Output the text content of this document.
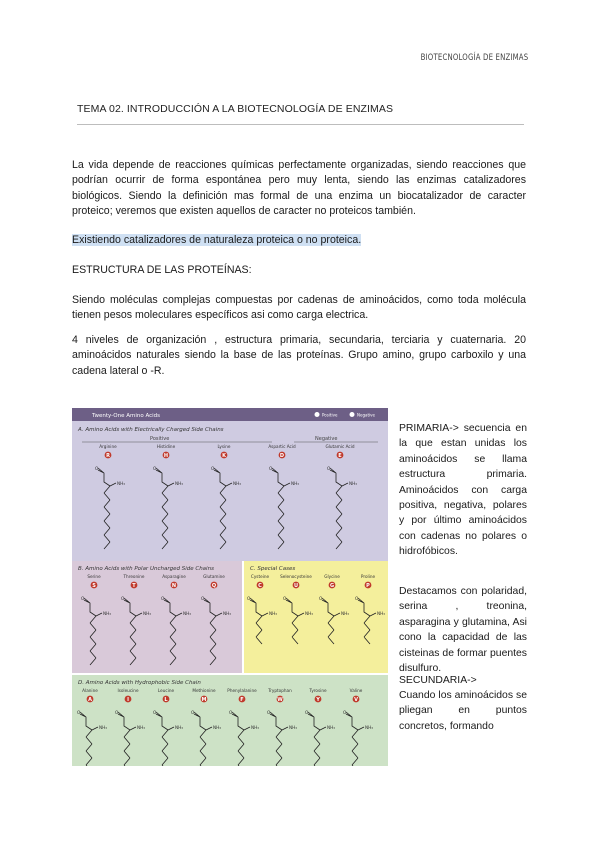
BIOTECNOLOGÍA DE ENZIMAS
TEMA 02. INTRODUCCIÓN A LA BIOTECNOLOGÍA DE ENZIMAS
La vida depende de reacciones químicas perfectamente organizadas, siendo reacciones que podrían ocurrir de forma espontánea pero muy lenta, siendo las enzimas catalizadores biológicos. Siendo la definición mas formal de una enzima un biocatalizador de caracter proteico; veremos que existen aquellos de caracter no proteicos también.
Existiendo catalizadores de naturaleza proteica o no proteica.
ESTRUCTURA DE LAS PROTEÍNAS:
Siendo moléculas complejas compuestas por cadenas de aminoácidos, como toda molécula tienen pesos moleculares específicos asi como carga electrica.
4 niveles de organización , estructura primaria, secundaria, terciaria y cuaternaria. 20 aminoácidos naturales siendo la base de las proteínas. Grupo amino, grupo carboxilo y una cadena lateral o -R.
Twenty-One Amino Acids	Positive	Negative
A. Amino Acids with Electrically Charged Side Chains
Positive	Negative
Arginine
R
NH₃
O
Histidine
H
NH₃
O
Lysine
K
NH₃
O
Aspartic Acid
D
NH₃
O
Glutamic Acid
E
NH₃
O
B. Amino Acids with Polar Uncharged Side Chains
Serine
S
NH₃
O
Threonine
T
NH₃
O
Asparagine
N
NH₃
O
Glutamine
Q
NH₃
O
C. Special Cases
Cysteine
C
NH₃
O
Selenocysteine
U
NH₃
O
Glycine
G
NH₃
O
Proline
P
NH₃
O
D. Amino Acids with Hydrophobic Side Chain
Alanine
A
NH₃
O
Isoleucine
I
NH₃
O
Leucine
L
NH₃
O
Methionine
M
NH₃
O
Phenylalanine
F
NH₃
O
Tryptophan
W
NH₃
O
Tyrosine
Y
NH₃
O
Valine
V
NH₃
O
PRIMARIA-> secuencia en la que estan unidas los aminoácidos se llama estructura primaria. Aminoácidos con carga positiva, negativa, polares y por último aminoácidos con cadenas no polares o hidrofóbicos.
Destacamos con polaridad, serina , treonina, asparagina y glutamina, Asi cono la capacidad de las cisteinas de formar puentes disulfuro.
SECUNDARIA->
Cuando los aminoácidos se pliegan en puntos concretos, formando
